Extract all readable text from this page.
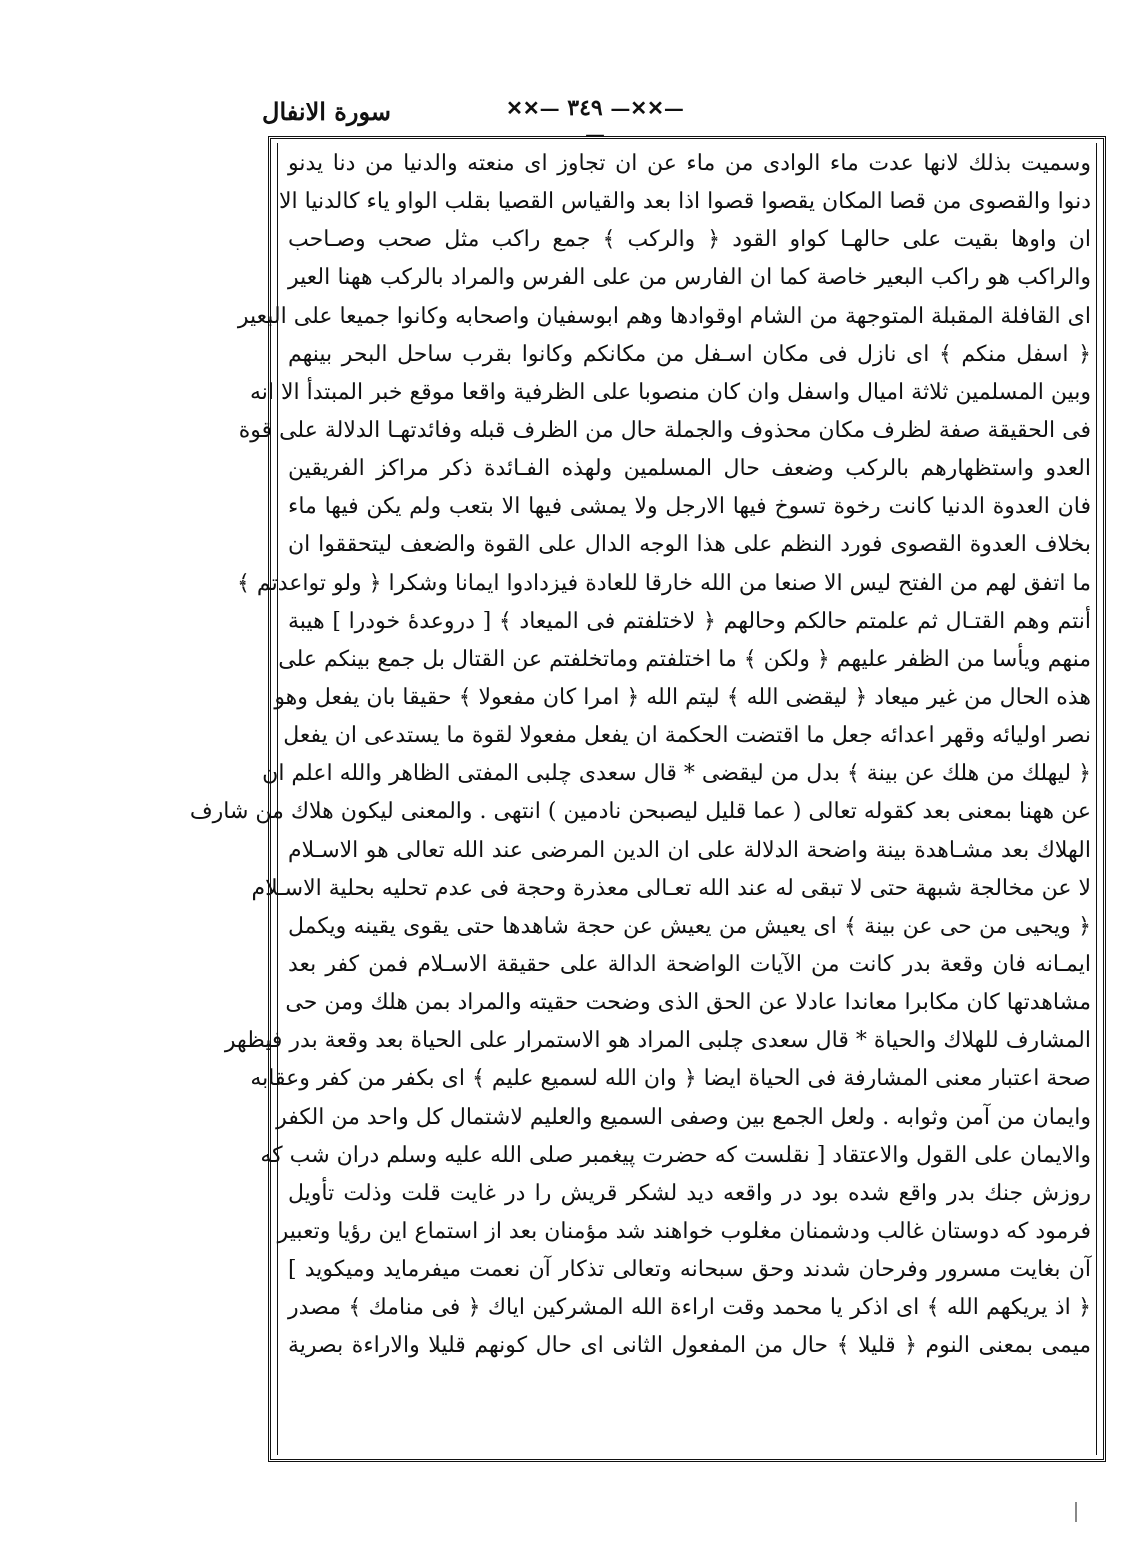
سورة الانفال	—✕✕— ٣٤٩ —✕✕—
وسميت بذلك لانها عدت ماء الوادى من ماء عن ان تجاوز اى منعته والدنيا من دنا يدنو
دنوا والقصوى من قصا المكان يقصوا قصوا اذا بعد والقياس القصيا بقلب الواو ياء كالدنيا الا
ان واوها بقيت على حالهـا كواو القود ﴿ والركب ﴾ جمع راكب مثل صحب وصـاحب
والراكب هو راكب البعير خاصة كما ان الفارس من على الفرس والمراد بالركب ههنا العير
اى القافلة المقبلة المتوجهة من الشام اوقوادها وهم ابوسفيان واصحابه وكانوا جميعا على البعير
﴿ اسفل منكم ﴾ اى نازل فى مكان اسـفل من مكانكم وكانوا بقرب ساحل البحر بينهم
وبين المسلمين ثلاثة اميال واسفل وان كان منصوبا على الظرفية واقعا موقع خبر المبتدأ الا انه
فى الحقيقة صفة لظرف مكان محذوف والجملة حال من الظرف قبله وفائدتهـا الدلالة على قوة
العدو واستظهارهم بالركب وضعف حال المسلمين ولهذه الفـائدة ذكر مراكز الفريقين
فان العدوة الدنيا كانت رخوة تسوخ فيها الارجل ولا يمشى فيها الا بتعب ولم يكن فيها ماء
بخلاف العدوة القصوى فورد النظم على هذا الوجه الدال على القوة والضعف ليتحققوا ان
ما اتفق لهم من الفتح ليس الا صنعا من الله خارقا للعادة فيزدادوا ايمانا وشكرا ﴿ ولو تواعدتم ﴾
أنتم وهم القتـال ثم علمتم حالكم وحالهم ﴿ لاختلفتم فى الميعاد ﴾ [ دروعدهٔ خودرا ] هيبة
منهم ويأسا من الظفر عليهم ﴿ ولكن ﴾ ما اختلفتم وماتخلفتم عن القتال بل جمع بينكم على
هذه الحال من غير ميعاد ﴿ ليقضى الله ﴾ ليتم الله ﴿ امرا كان مفعولا ﴾ حقيقا بان يفعل وهو
نصر اوليائه وقهر اعدائه جعل ما اقتضت الحكمة ان يفعل مفعولا لقوة ما يستدعى ان يفعل
﴿ ليهلك من هلك عن بينة ﴾ بدل من ليقضى * قال سعدى چلبى المفتى الظاهر والله اعلم ان
عن ههنا بمعنى بعد كقوله تعالى ( عما قليل ليصبحن نادمين ) انتهى . والمعنى ليكون هلاك من شارف
الهلاك بعد مشـاهدة بينة واضحة الدلالة على ان الدين المرضى عند الله تعالى هو الاسـلام
لا عن مخالجة شبهة حتى لا تبقى له عند الله تعـالى معذرة وحجة فى عدم تحليه بحلية الاسـلام
﴿ ويحيى من حى عن بينة ﴾ اى يعيش من يعيش عن حجة شاهدها حتى يقوى يقينه ويكمل
ايمـانه فان وقعة بدر كانت من الآيات الواضحة الدالة على حقيقة الاسـلام فمن كفر بعد
مشاهدتها كان مكابرا معاندا عادلا عن الحق الذى وضحت حقيته والمراد بمن هلك ومن حى
المشارف للهلاك والحياة * قال سعدى چلبى المراد هو الاستمرار على الحياة بعد وقعة بدر فيظهر
صحة اعتبار معنى المشارفة فى الحياة ايضا ﴿ وان الله لسميع عليم ﴾ اى بكفر من كفر وعقابه
وايمان من آمن وثوابه . ولعل الجمع بين وصفى السميع والعليم لاشتمال كل واحد من الكفر
والايمان على القول والاعتقاد [ نقلست كه حضرت پيغمبر صلى الله عليه وسلم دران شب كه
روزش جنك بدر واقع شده بود در واقعه ديد لشكر قريش را در غايت قلت وذلت تأويل
فرمود كه دوستان غالب ودشمنان مغلوب خواهند شد مؤمنان بعد از استماع اين رؤيا وتعبير
آن بغايت مسرور وفرحان شدند وحق سبحانه وتعالى تذكار آن نعمت ميفرمايد وميكويد ]
﴿ اذ يريكهم الله ﴾ اى اذكر يا محمد وقت اراءة الله المشركين اياك ﴿ فى منامك ﴾ مصدر
ميمى بمعنى النوم ﴿ قليلا ﴾ حال من المفعول الثانى اى حال كونهم قليلا والاراءة بصرية
